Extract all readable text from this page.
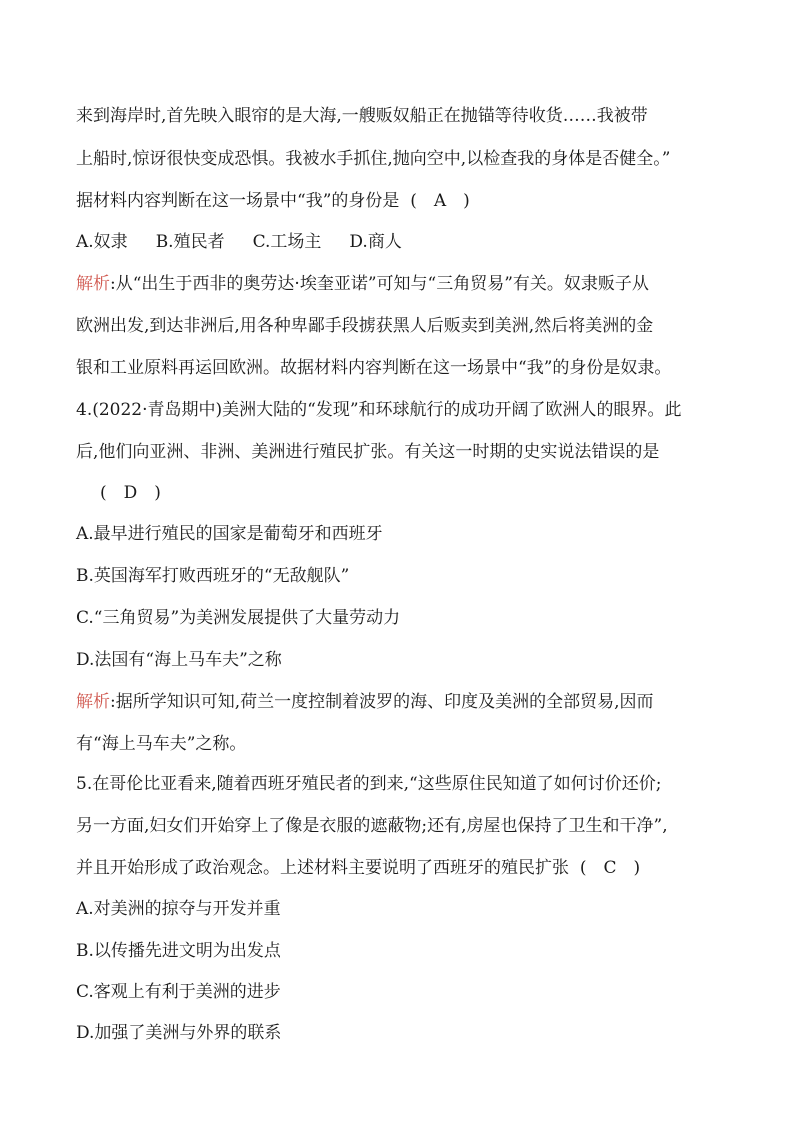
来到海岸时,首先映入眼帘的是大海,一艘贩奴船正在抛锚等待收货……我被带
上船时,惊讶很快变成恐惧。我被水手抓住,抛向空中,以检查我的身体是否健全。”
据材料内容判断在这一场景中“我”的身份是 (　A　)
A.奴隶 B.殖民者 C.工场主 D.商人
解析:从“出生于西非的奥劳达·埃奎亚诺”可知与“三角贸易”有关。奴隶贩子从
欧洲出发,到达非洲后,用各种卑鄙手段掳获黑人后贩卖到美洲,然后将美洲的金
银和工业原料再运回欧洲。故据材料内容判断在这一场景中“我”的身份是奴隶。
4.(2022·青岛期中)美洲大陆的“发现”和环球航行的成功开阔了欧洲人的眼界。此
后,他们向亚洲、非洲、美洲进行殖民扩张。有关这一时期的史实说法错误的是
(　D　)
A.最早进行殖民的国家是葡萄牙和西班牙
B.英国海军打败西班牙的“无敌舰队”
C.“三角贸易”为美洲发展提供了大量劳动力
D.法国有“海上马车夫”之称
解析:据所学知识可知,荷兰一度控制着波罗的海、印度及美洲的全部贸易,因而
有“海上马车夫”之称。
5.在哥伦比亚看来,随着西班牙殖民者的到来,“这些原住民知道了如何讨价还价;
另一方面,妇女们开始穿上了像是衣服的遮蔽物;还有,房屋也保持了卫生和干净”,
并且开始形成了政治观念。上述材料主要说明了西班牙的殖民扩张 (　C　)
A.对美洲的掠夺与开发并重
B.以传播先进文明为出发点
C.客观上有利于美洲的进步
D.加强了美洲与外界的联系
